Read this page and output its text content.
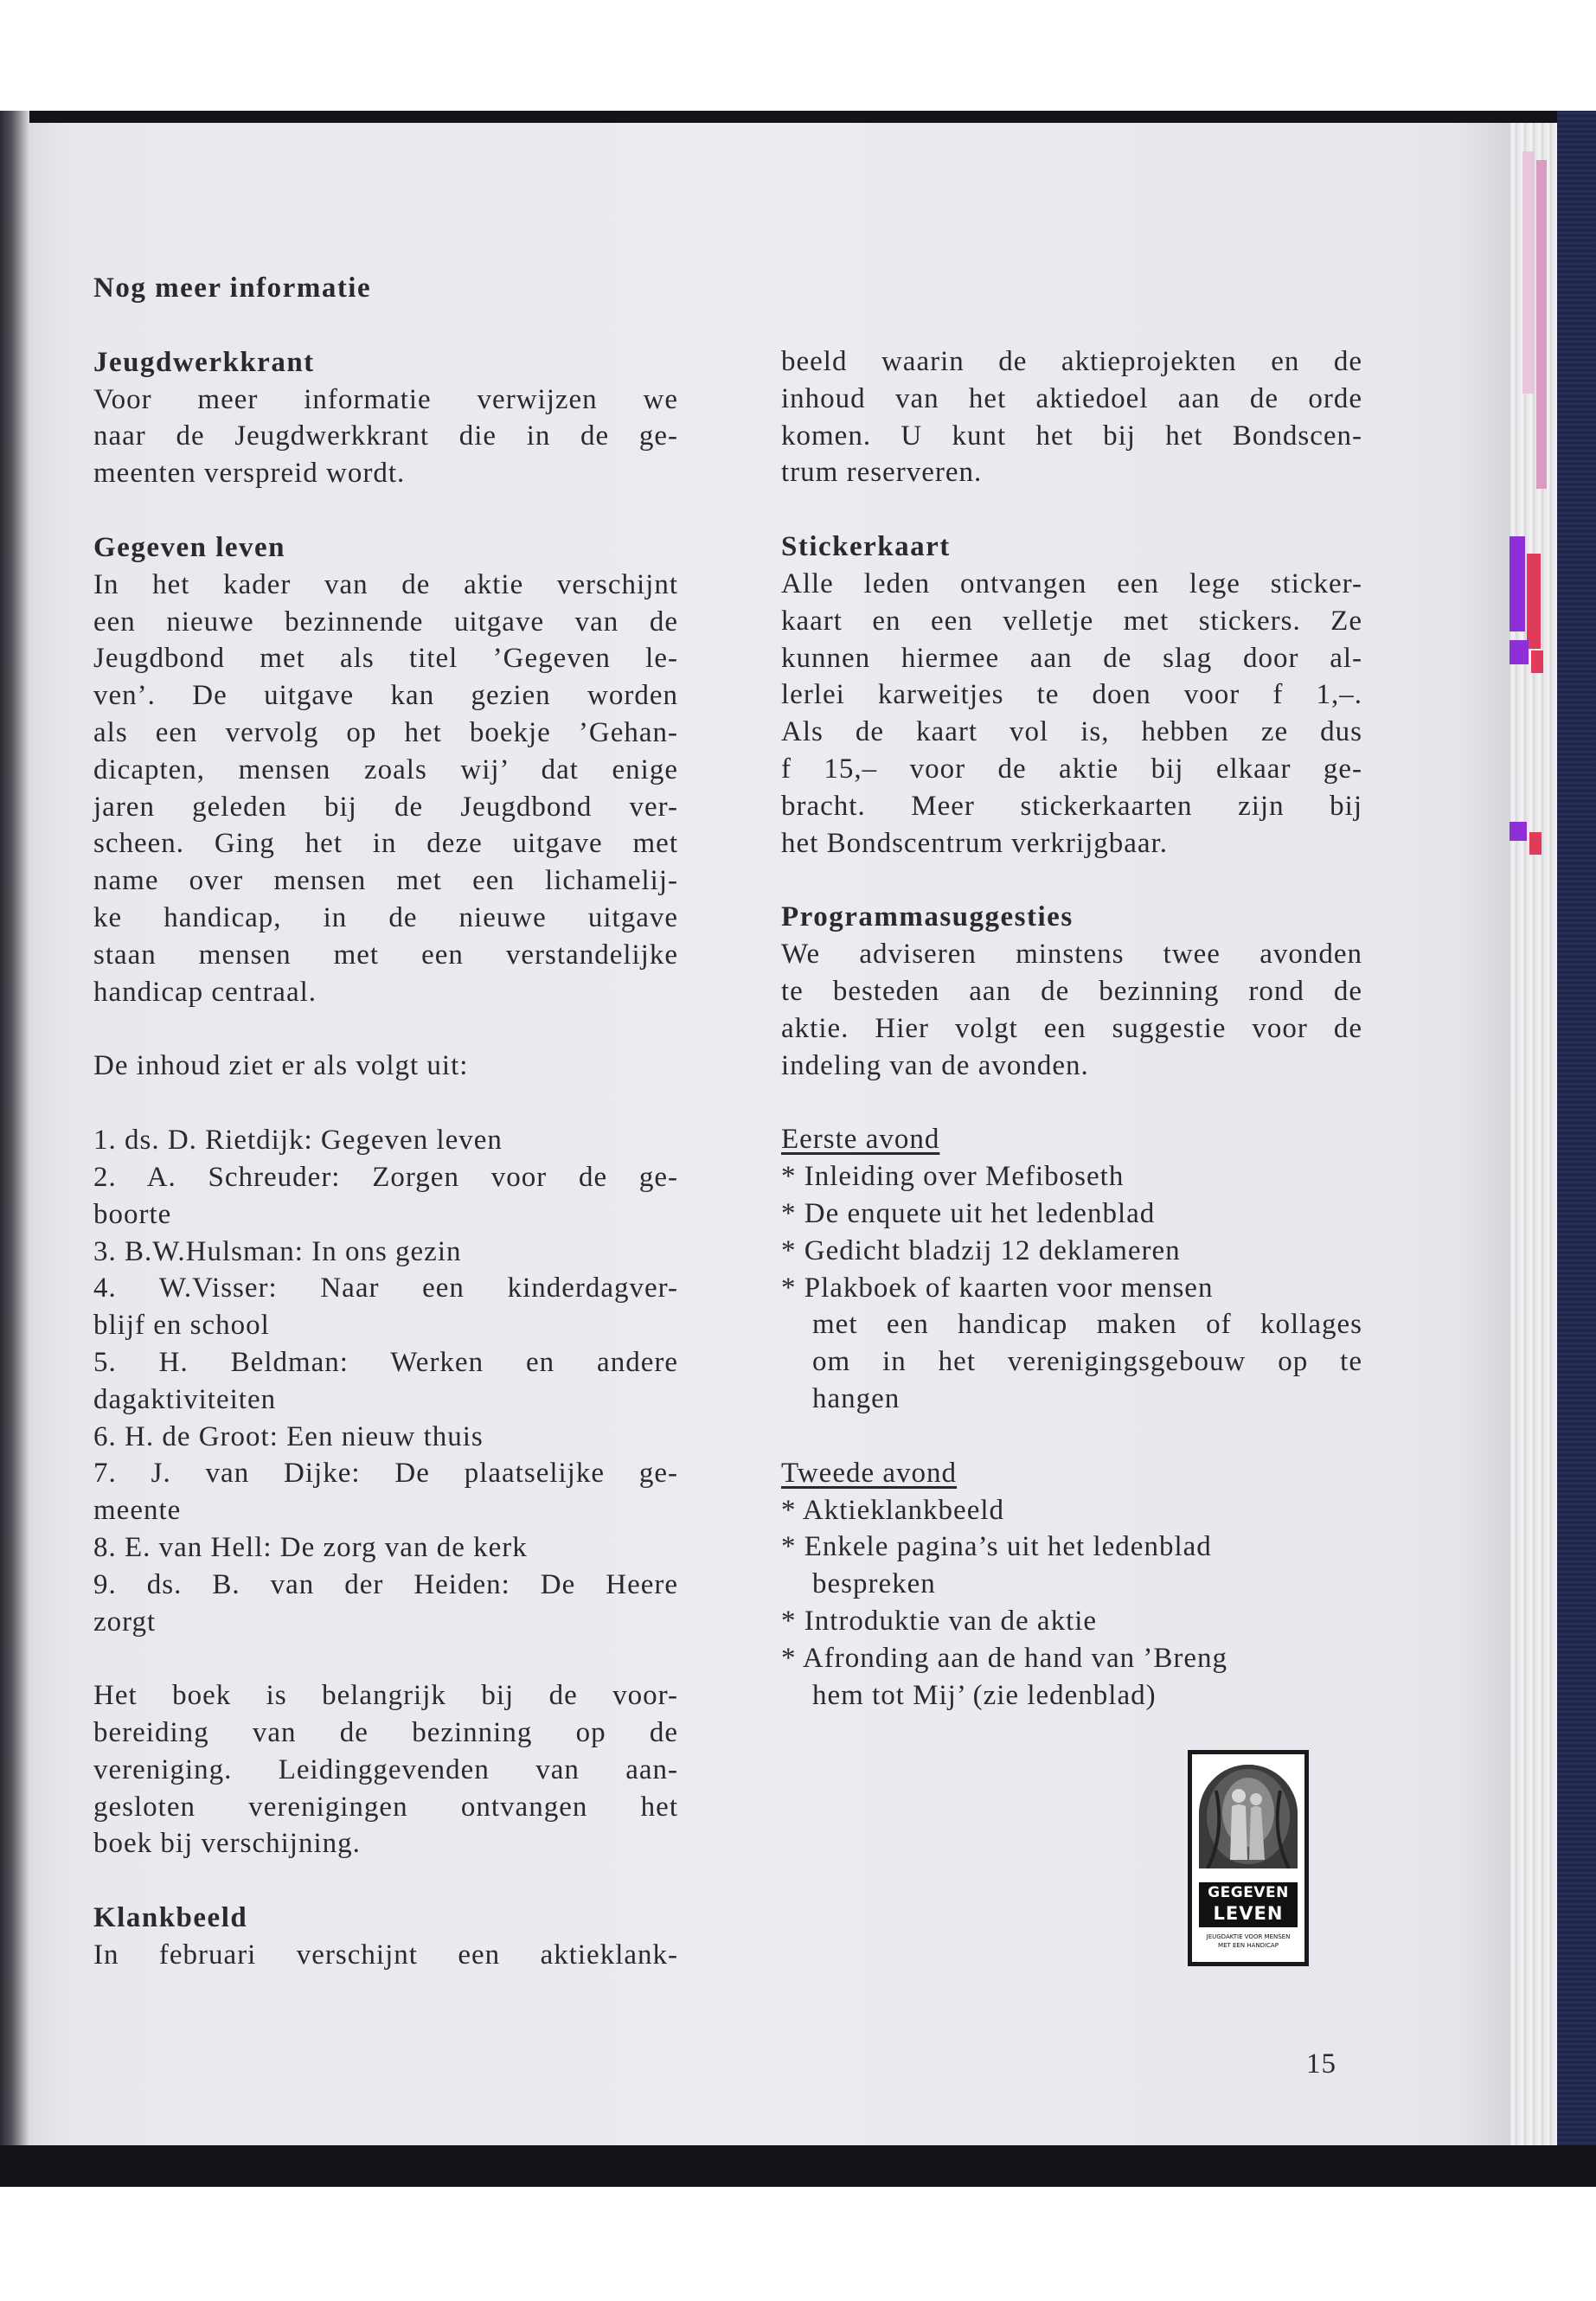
Nog meer informatie

Jeugdwerkkrant

Voor meer informatie verwijzen we

naar de Jeugdwerkkrant die in de ge-

meenten verspreid wordt.

Gegeven leven

In het kader van de aktie verschijnt

een nieuwe bezinnende uitgave van de

Jeugdbond met als titel ’Gegeven le-

ven’. De uitgave kan gezien worden

als een vervolg op het boekje ’Gehan-

dicapten, mensen zoals wij’ dat enige

jaren geleden bij de Jeugdbond ver-

scheen. Ging het in deze uitgave met

name over mensen met een lichamelij-

ke handicap, in de nieuwe uitgave

staan mensen met een verstandelijke

handicap centraal.

De inhoud ziet er als volgt uit:

1. ds. D. Rietdijk: Gegeven leven

2. A. Schreuder: Zorgen voor de ge-

boorte

3. B.W.Hulsman: In ons gezin

4. W.Visser: Naar een kinderdagver-

blijf en school

5. H. Beldman: Werken en andere

dagaktiviteiten

6. H. de Groot: Een nieuw thuis

7. J. van Dijke: De plaatselijke ge-

meente

8. E. van Hell: De zorg van de kerk

9. ds. B. van der Heiden: De Heere

zorgt

Het boek is belangrijk bij de voor-

bereiding van de bezinning op de

vereniging. Leidinggevenden van aan-

gesloten verenigingen ontvangen het

boek bij verschijning.

Klankbeeld

In februari verschijnt een aktieklank-

beeld waarin de aktieprojekten en de

inhoud van het aktiedoel aan de orde

komen. U kunt het bij het Bondscen-

trum reserveren.

Stickerkaart

Alle leden ontvangen een lege sticker-

kaart en een velletje met stickers. Ze

kunnen hiermee aan de slag door al-

lerlei karweitjes te doen voor f 1,–.

Als de kaart vol is, hebben ze dus

f 15,– voor de aktie bij elkaar ge-

bracht. Meer stickerkaarten zijn bij

het Bondscentrum verkrijgbaar.

Programmasuggesties

We adviseren minstens twee avonden

te besteden aan de bezinning rond de

aktie. Hier volgt een suggestie voor de

indeling van de avonden.

Eerste avond

* Inleiding over Mefiboseth

* De enquete uit het ledenblad

* Gedicht bladzij 12 deklameren

* Plakboek of kaarten voor mensen

met een handicap maken of kollages

om in het verenigingsgebouw op te

hangen

Tweede avond

* Aktieklankbeeld

* Enkele pagina’s uit het ledenblad

bespreken

* Introduktie van de aktie

* Afronding aan de hand van ’Breng

hem tot Mij’ (zie ledenblad)

GEGEVEN
LEVEN
JEUGDAKTIE VOOR MENSEN
MET EEN HANDICAP
15
